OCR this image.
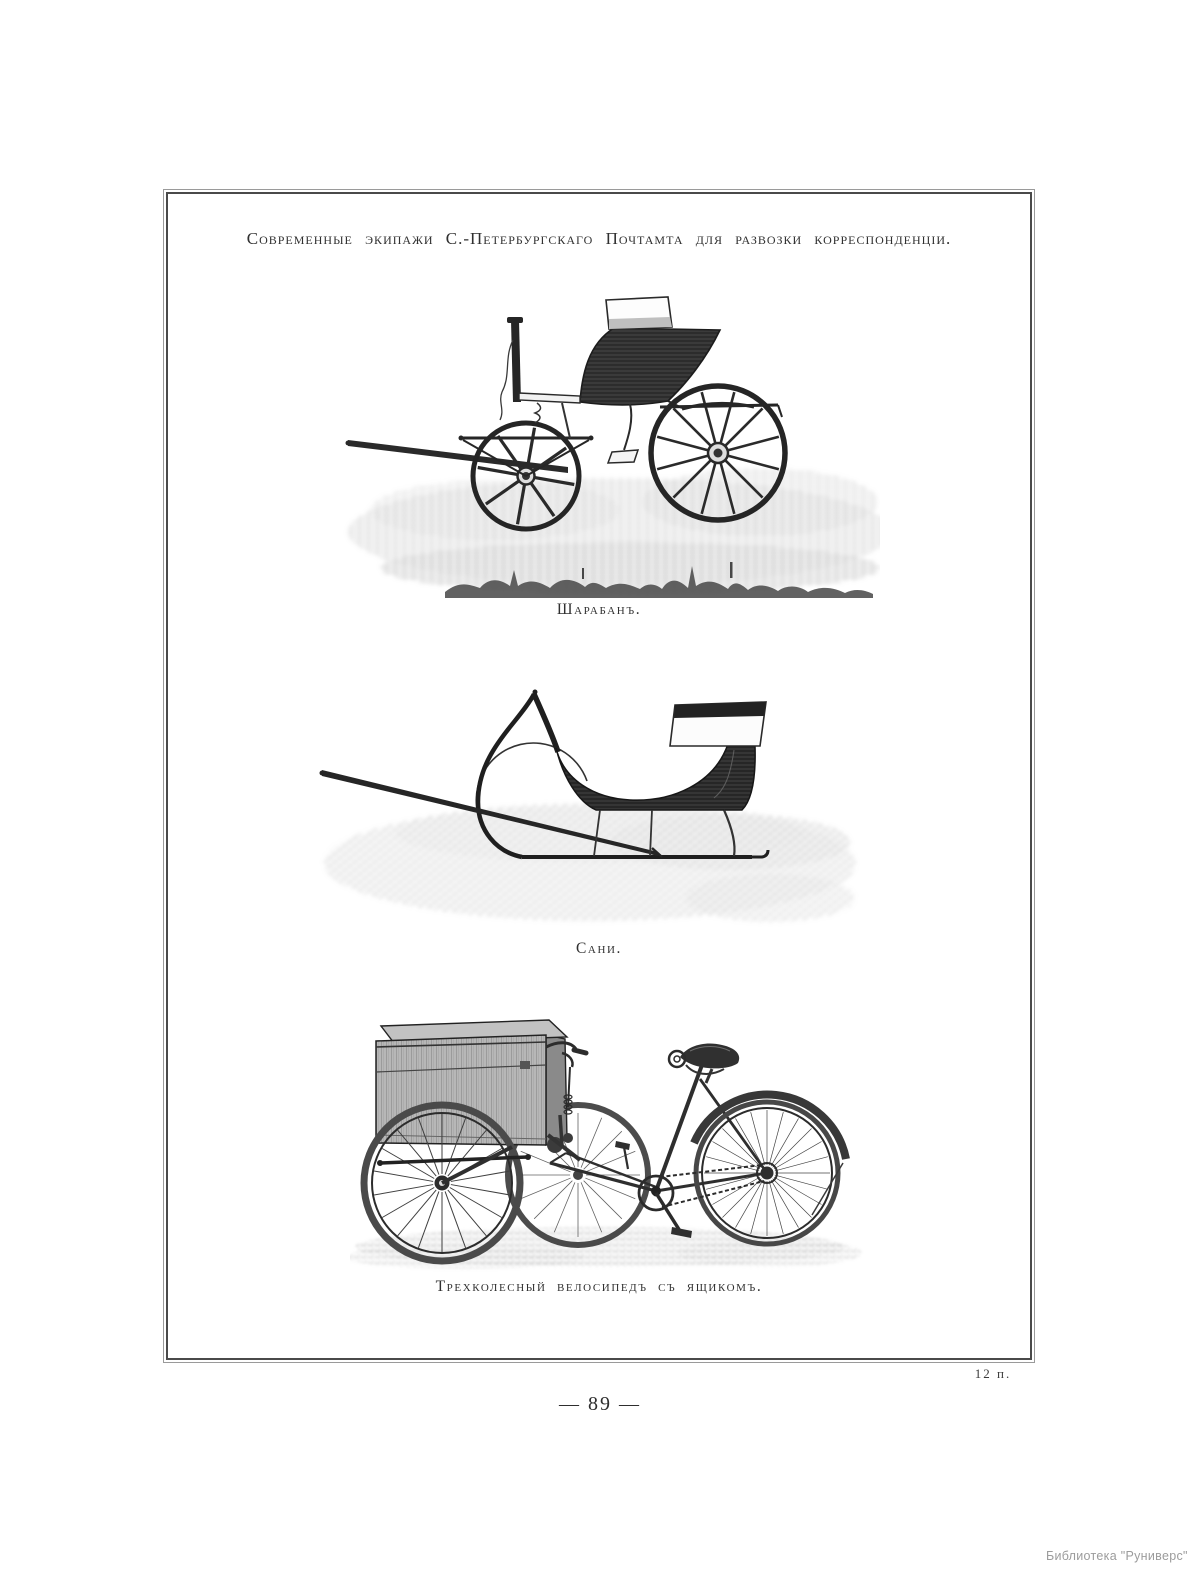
Современные экипажи С.-Петербургскаго Почтамта для развозки корреспонденціи.
Шарабанъ.
Сани.
Трехколесный велосипедъ съ ящикомъ.
12 п.
— 89 —
Библиотека "Руниверс"
